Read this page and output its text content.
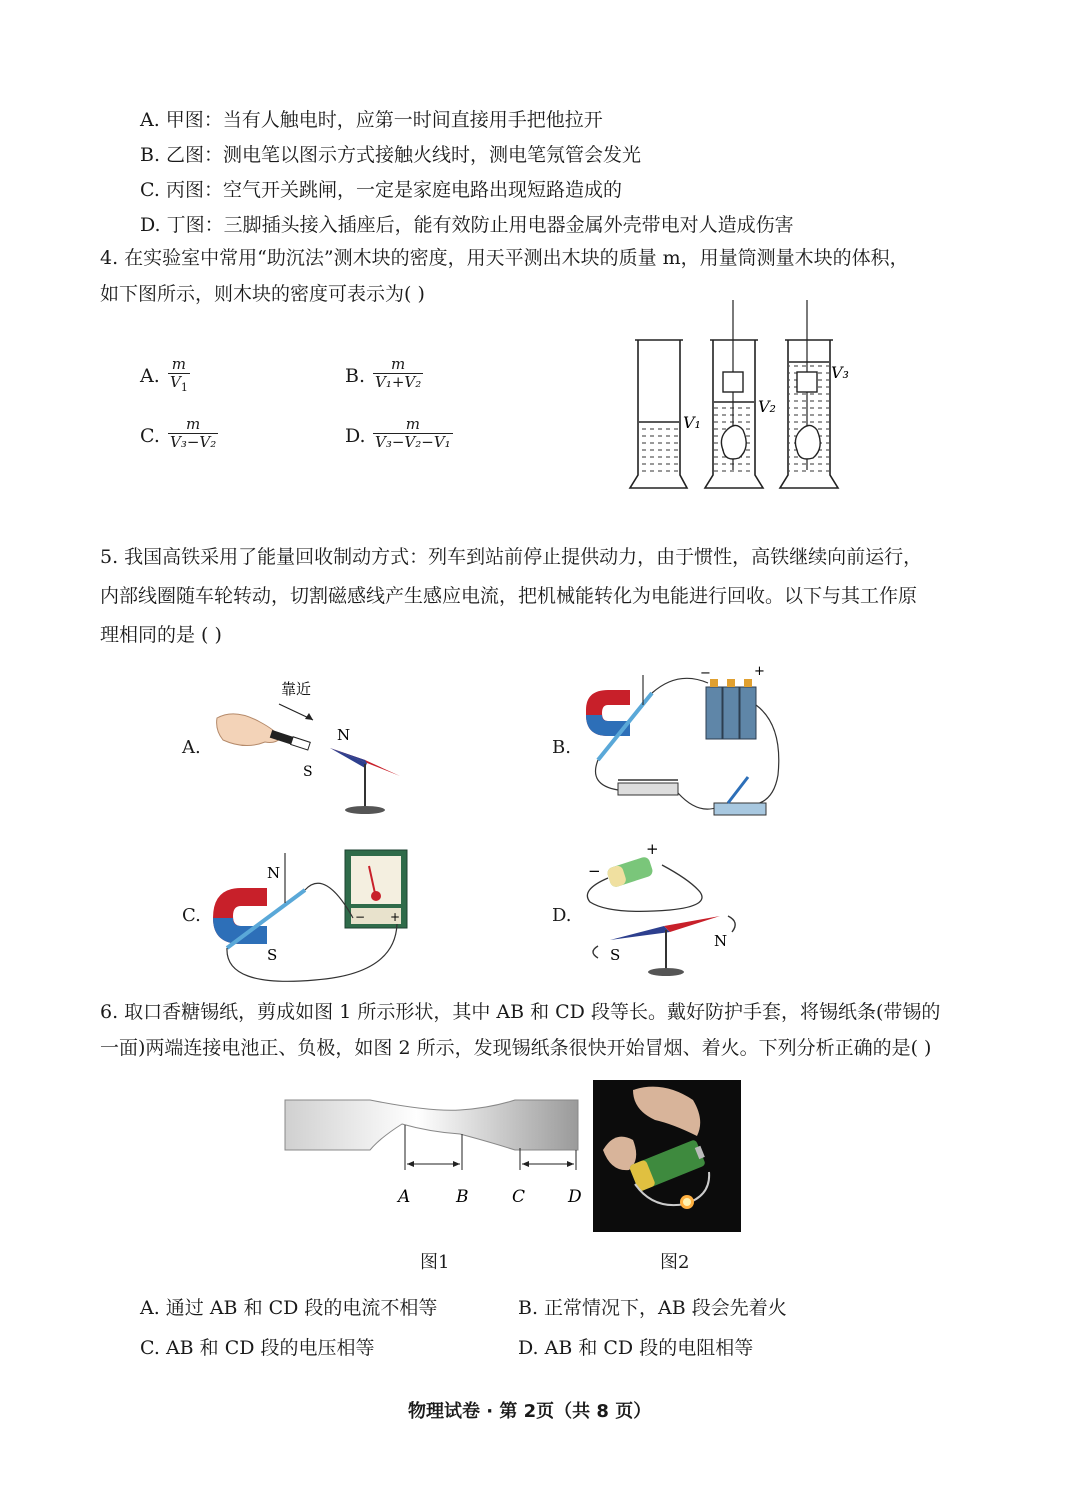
A. 甲图：当有人触电时，应第一时间直接用手把他拉开
B. 乙图：测电笔以图示方式接触火线时，测电笔氖管会发光
C. 丙图：空气开关跳闸，一定是家庭电路出现短路造成的
D. 丁图：三脚插头接入插座后，能有效防止用电器金属外壳带电对人造成伤害
4. 在实验室中常用“助沉法”测木块的密度，用天平测出木块的质量 m，用量筒测量木块的体积，
如下图所示，则木块的密度可表示为( )
A. $\frac{m}{V_1}$	B. $\frac{m}{\text{V₁+V₂}}$
C. $\frac{m}{\text{V₃−V₂}}$	D. $\frac{m}{\text{V₃−V₂−V₁}}$	V₁
V₂
V₃
5. 我国高铁采用了能量回收制动方式：列车到站前停止提供动力，由于惯性，高铁继续向前运行，
内部线圈随车轮转动，切割磁感线产生感应电流，把机械能转化为电能进行回收。以下与其工作原
理相同的是 ( )
A.	B.
C.	D.
靠近
S
N
−	+
N
S
− +
+
−
S
N
6. 取口香糖锡纸，剪成如图 1 所示形状，其中 AB 和 CD 段等长。戴好防护手套，将锡纸条(带锡的
一面)两端连接电池正、负极，如图 2 所示，发现锡纸条很快开始冒烟、着火。下列分析正确的是( )
A	B	C	D
图1	图2
A. 通过 AB 和 CD 段的电流不相等	B. 正常情况下，AB 段会先着火
C. AB 和 CD 段的电压相等	D. AB 和 CD 段的电阻相等
物理试卷 · 第 2页（共 8 页）
